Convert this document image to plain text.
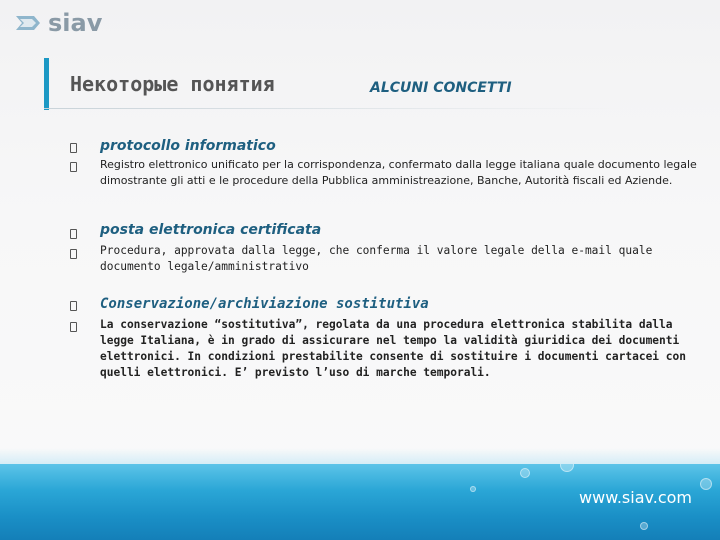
siav
Некоторые понятия	ALCUNI CONCETTI
protocollo informatico
Registro elettronico unificato per la corrispondenza, confermato dalla legge italiana quale documento legale dimostrante gli atti e le procedure della Pubblica amministreazione, Banche, Autorità fiscali ed Aziende.
posta elettronica certificata
Procedura, approvata dalla legge, che conferma il valore legale della e-mail quale documento legale/amministrativo
Conservazione/archiviazione sostitutiva
La conservazione “sostitutiva”, regolata da una procedura elettronica stabilita dalla legge Italiana, è in grado di assicurare nel tempo la validità giuridica dei documenti elettronici. In condizioni prestabilite consente di sostituire i documenti cartacei con quelli elettronici. E’ previsto l’uso di marche temporali.
www.siav.com
